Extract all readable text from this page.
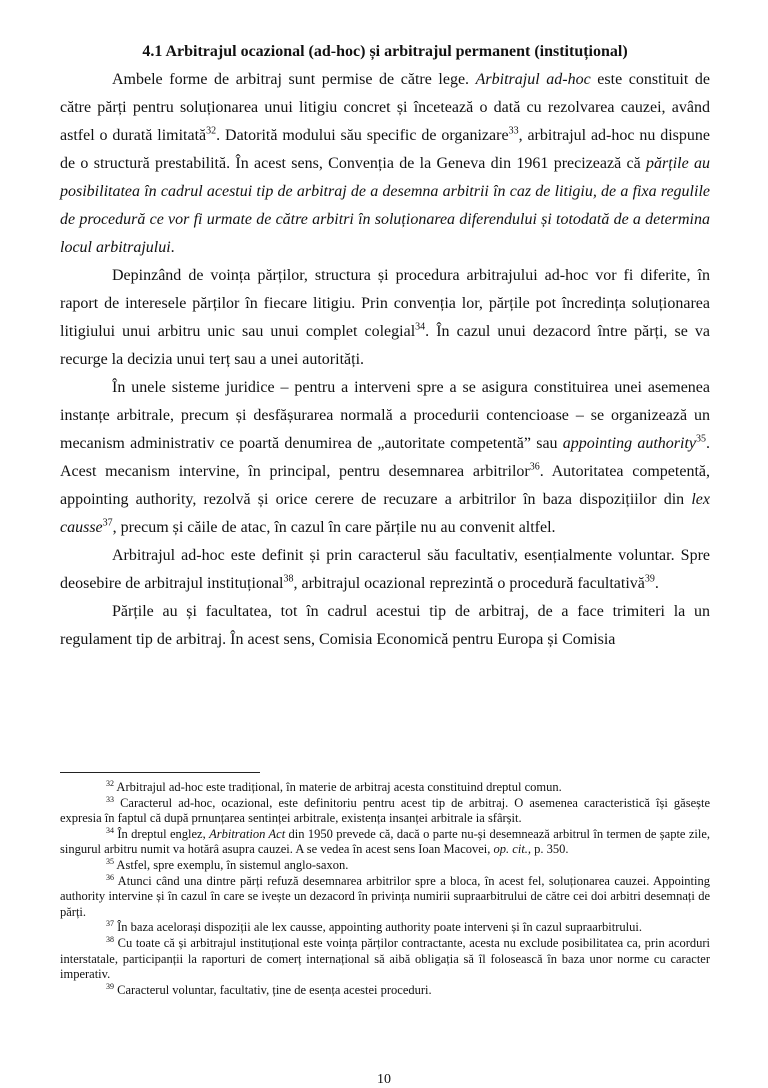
4.1 Arbitrajul ocazional (ad-hoc) și arbitrajul permanent (instituțional)

Ambele forme de arbitraj sunt permise de către lege. Arbitrajul ad-hoc este constituit de către părți pentru soluționarea unui litigiu concret și încetează o dată cu rezolvarea cauzei, având astfel o durată limitată$^{32}$. Datorită modului său specific de organizare$^{33}$, arbitrajul ad-hoc nu dispune de o structură prestabilită. În acest sens, Convenția de la Geneva din 1961 precizează că părțile au posibilitatea în cadrul acestui tip de arbitraj de a desemna arbitrii în caz de litigiu, de a fixa regulile de procedură ce vor fi urmate de către arbitri în soluționarea diferendului și totodată de a determina locul arbitrajului.

Depinzând de voința părților, structura și procedura arbitrajului ad-hoc vor fi diferite, în raport de interesele părților în fiecare litigiu. Prin convenția lor, părțile pot încredința soluționarea litigiului unui arbitru unic sau unui complet colegial$^{34}$. În cazul unui dezacord între părți, se va recurge la decizia unui terț sau a unei autorități.

În unele sisteme juridice – pentru a interveni spre a se asigura constituirea unei asemenea instanțe arbitrale, precum și desfășurarea normală a procedurii contencioase – se organizează un mecanism administrativ ce poartă denumirea de „autoritate competentă” sau appointing authority$^{35}$. Acest mecanism intervine, în principal, pentru desemnarea arbitrilor$^{36}$. Autoritatea competentă, appointing authority, rezolvă și orice cerere de recuzare a arbitrilor în baza dispozițiilor din lex causse$^{37}$, precum și căile de atac, în cazul în care părțile nu au convenit altfel.

Arbitrajul ad-hoc este definit și prin caracterul său facultativ, esențialmente voluntar. Spre deosebire de arbitrajul instituțional$^{38}$, arbitrajul ocazional reprezintă o procedură facultativă$^{39}$.

Părțile au și facultatea, tot în cadrul acestui tip de arbitraj, de a face trimiteri la un regulament tip de arbitraj. În acest sens, Comisia Economică pentru Europa și Comisia

$^{32}$ Arbitrajul ad-hoc este tradițional, în materie de arbitraj acesta constituind dreptul comun.

$^{33}$ Caracterul ad-hoc, ocazional, este definitoriu pentru acest tip de arbitraj. O asemenea caracteristică își găsește expresia în faptul că după prnunțarea sentinței arbitrale, existența insanței arbitrale ia sfârșit.

$^{34}$ În dreptul englez, Arbitration Act din 1950 prevede că, dacă o parte nu-și desemnează arbitrul în termen de șapte zile, singurul arbitru numit va hotărâ asupra cauzei. A se vedea în acest sens Ioan Macovei, op. cit., p. 350.

$^{35}$ Astfel, spre exemplu, în sistemul anglo-saxon.

$^{36}$ Atunci când una dintre părți refuză desemnarea arbitrilor spre a bloca, în acest fel, soluționarea cauzei. Appointing authority intervine și în cazul în care se ivește un dezacord în privința numirii supraarbitrului de către cei doi arbitri desemnați de părți.

$^{37}$ În baza acelorași dispoziții ale lex causse, appointing authority poate interveni și în cazul supraarbitrului.

$^{38}$ Cu toate că și arbitrajul instituțional este voința părților contractante, acesta nu exclude posibilitatea ca, prin acorduri interstatale, participanții la raporturi de comerț internațional să aibă obligația să îl folosească în baza unor norme cu caracter imperativ.

$^{39}$ Caracterul voluntar, facultativ, ține de esența acestei proceduri.

10
